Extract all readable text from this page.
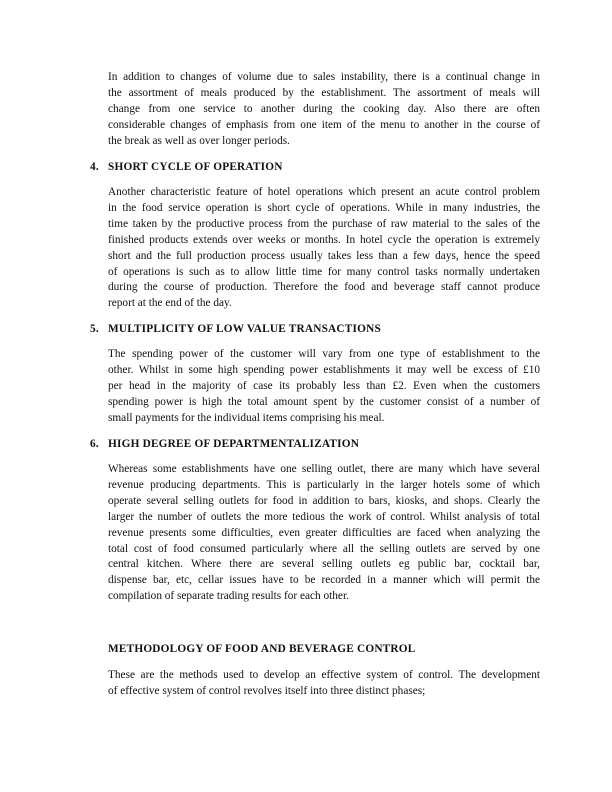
In addition to changes of volume due to sales instability, there is a continual change in
the assortment of meals produced by the establishment. The assortment of meals will
change from one service to another during the cooking day. Also there are often
considerable changes of emphasis from one item of the menu to another in the course of
the break as well as over longer periods.
4. SHORT CYCLE OF OPERATION
Another characteristic feature of hotel operations which present an acute control problem
in the food service operation is short cycle of operations. While in many industries, the
time taken by the productive process from the purchase of raw material to the sales of the
finished products extends over weeks or months. In hotel cycle the operation is extremely
short and the full production process usually takes less than a few days, hence the speed
of operations is such as to allow little time for many control tasks normally undertaken
during the course of production. Therefore the food and beverage staff cannot produce
report at the end of the day.
5. MULTIPLICITY OF LOW VALUE TRANSACTIONS
The spending power of the customer will vary from one type of establishment to the
other. Whilst in some high spending power establishments it may well be excess of £10
per head in the majority of case its probably less than £2. Even when the customers
spending power is high the total amount spent by the customer consist of a number of
small payments for the individual items comprising his meal.
6. HIGH DEGREE OF DEPARTMENTALIZATION
Whereas some establishments have one selling outlet, there are many which have several
revenue producing departments. This is particularly in the larger hotels some of which
operate several selling outlets for food in addition to bars, kiosks, and shops. Clearly the
larger the number of outlets the more tedious the work of control. Whilst analysis of total
revenue presents some difficulties, even greater difficulties are faced when analyzing the
total cost of food consumed particularly where all the selling outlets are served by one
central kitchen. Where there are several selling outlets eg public bar, cocktail bar,
dispense bar, etc, cellar issues have to be recorded in a manner which will permit the
compilation of separate trading results for each other.
METHODOLOGY OF FOOD AND BEVERAGE CONTROL
These are the methods used to develop an effective system of control. The development
of effective system of control revolves itself into three distinct phases;
